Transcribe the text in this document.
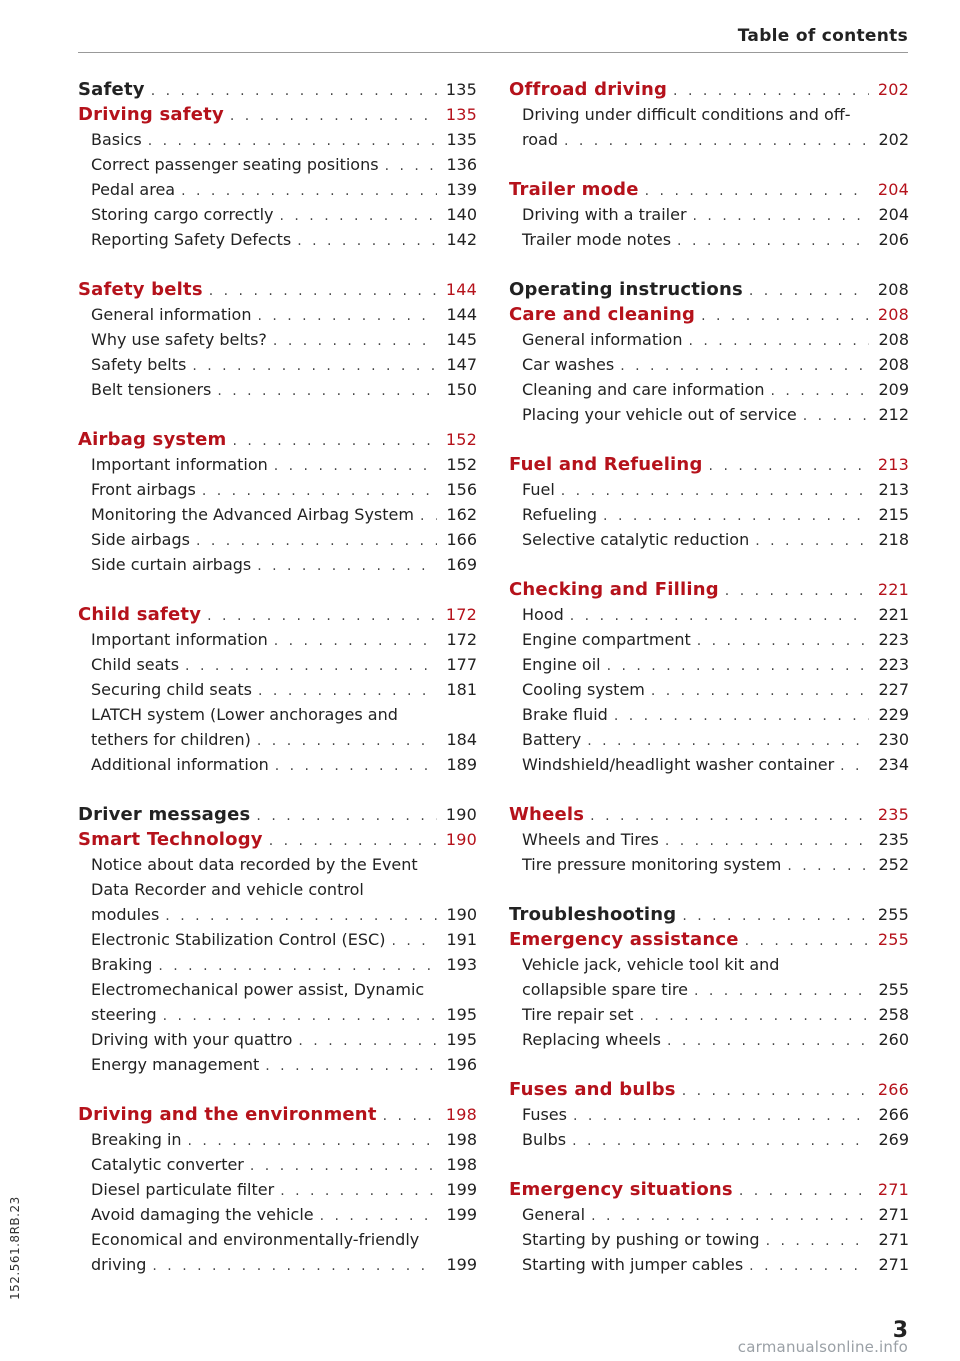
Table of contents
Safety . . .	135
Driving safety . . .	135
Basics . . .	135
Correct passenger seating positions . . .	136
Pedal area . . .	139
Storing cargo correctly . . .	140
Reporting Safety Defects . . .	142
Safety belts . . .	144
General information . . .	144
Why use safety belts? . . .	145
Safety belts . . .	147
Belt tensioners . . .	150
Airbag system . . .	152
Important information . . .	152
Front airbags . . .	156
Monitoring the Advanced Airbag System . . . 162
Side airbags . . .	166
Side curtain airbags . . .	169
Child safety . . .	172
Important information . . .	172
Child seats . . .	177
Securing child seats . . .	181
LATCH system (Lower anchorages and
tethers for children) . . .	184
Additional information . . .	189
Driver messages . . .	190
Smart Technology . . .	190
Notice about data recorded by the Event
Data Recorder and vehicle control
modules . . .	190
Electronic Stabilization Control (ESC) . . .	191
Braking . . .	193
Electromechanical power assist, Dynamic
steering . . .	195
Driving with your quattro . . .	195
Energy management . . .	196
Driving and the environment . . .	198
Breaking in . . .	198
Catalytic converter . . .	198
Diesel particulate filter . . .	199
Avoid damaging the vehicle . . .	199
Economical and environmentally-friendly
driving . . .	199
Offroad driving . . .	202
Driving under difficult conditions and off-
road . . .	202
Trailer mode . . .	204
Driving with a trailer . . .	204
Trailer mode notes . . .	206
Operating instructions . . .	208
Care and cleaning . . .	208
General information . . .	208
Car washes . . .	208
Cleaning and care information . . .	209
Placing your vehicle out of service . . .	212
Fuel and Refueling . . .	213
Fuel . . .	213
Refueling . . .	215
Selective catalytic reduction . . .	218
Checking and Filling . . .	221
Hood . . .	221
Engine compartment . . .	223
Engine oil . . .	223
Cooling system . . .	227
Brake fluid . . .	229
Battery . . .	230
Windshield/headlight washer container . . .	234
Wheels . . .	235
Wheels and Tires . . .	235
Tire pressure monitoring system . . .	252
Troubleshooting . . .	255
Emergency assistance . . .	255
Vehicle jack, vehicle tool kit and
collapsible spare tire . . .	255
Tire repair set . . .	258
Replacing wheels . . .	260
Fuses and bulbs . . .	266
Fuses . . .	266
Bulbs . . .	269
Emergency situations . . .	271
General . . .	271
Starting by pushing or towing . . .	271
Starting with jumper cables . . .	271
152.561.8RB.23
3
carmanualsonline.info
